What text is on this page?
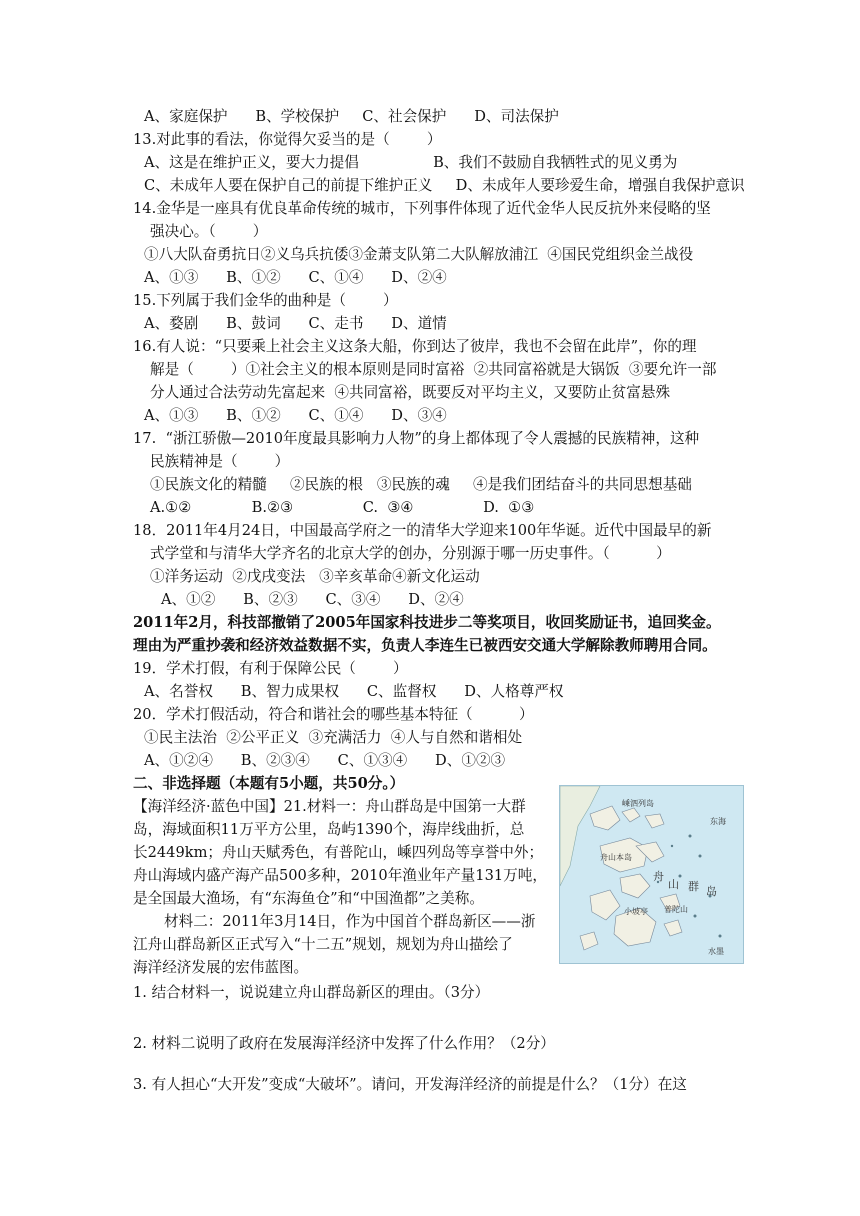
A、家庭保护      B、学校保护     C、社会保护      D、司法保护
13.对此事的看法，你觉得欠妥当的是（        ）
A、这是在维护正义，要大力提倡                B、我们不鼓励自我牺牲式的见义勇为
C、未成年人要在保护自己的前提下维护正义     D、未成年人要珍爱生命，增强自我保护意识
14.金华是一座具有优良革命传统的城市，下列事件体现了近代金华人民反抗外来侵略的坚
强决心。（        ）
①八大队奋勇抗日②义乌兵抗倭③金萧支队第二大队解放浦江  ④国民党组织金兰战役
A、①③      B、①②      C、①④      D、②④
15.下列属于我们金华的曲种是（        ）
A、婺剧      B、鼓词      C、走书      D、道情
16.有人说：“只要乘上社会主义这条大船，你到达了彼岸，我也不会留在此岸”，你的理
解是（        ）①社会主义的根本原则是同时富裕  ②共同富裕就是大锅饭  ③要允许一部
分人通过合法劳动先富起来  ④共同富裕，既要反对平均主义，又要防止贫富悬殊
A、①③      B、①②      C、①④      D、③④
17.  “浙江骄傲—2010年度最具影响力人物”的身上都体现了令人震撼的民族精神，这种
民族精神是（        ）
①民族文化的精髓     ②民族的根   ③民族的魂     ④是我们团结奋斗的共同思想基础
A.①②             B.②③               C.  ③④               D.  ①③
18．2011年4月24日，中国最高学府之一的清华大学迎来100年华诞。近代中国最早的新
式学堂和与清华大学齐名的北京大学的创办，分别源于哪一历史事件。（          ）
①洋务运动  ②戊戌变法   ③辛亥革命④新文化运动
A、①②      B、②③      C、③④      D、②④
2011年2月，科技部撤销了2005年国家科技进步二等奖项目，收回奖励证书，追回奖金。
理由为严重抄袭和经济效益数据不实，负责人李连生已被西安交通大学解除教师聘用合同。
19．学术打假，有利于保障公民（        ）
A、名誉权      B、智力成果权      C、监督权      D、人格尊严权
20．学术打假活动，符合和谐社会的哪些基本特征（          ）
①民主法治  ②公平正义  ③充满活力  ④人与自然和谐相处
A、①②④      B、②③④      C、①③④      D、①②③
二、非选择题（本题有5小题，共50分。）
【海洋经济·蓝色中国】21.材料一：舟山群岛是中国第一大群
岛，海域面积11万平方公里，岛屿1390个，海岸线曲折，总
长2449km；舟山天赋秀色，有普陀山，嵊四列岛等享誉中外；
舟山海域内盛产海产品500多种，2010年渔业年产量131万吨，
是全国最大渔场，有“东海鱼仓”和“中国渔都”之美称。
材料二：2011年3月14日，作为中国首个群岛新区——浙
江舟山群岛新区正式写入“十二五”规划，规划为舟山描绘了
海洋经济发展的宏伟蓝图。
1. 结合材料一，说说建立舟山群岛新区的理由。（3分）
2. 材料二说明了政府在发展海洋经济中发挥了什么作用？（2分）
3. 有人担心“大开发”变成“大破坏”。请问，开发海洋经济的前提是什么？（1分）在这
舟
山 群 岛
东 海
水墨
嵊泗列岛
舟山本岛
普陀山
小坡亭
